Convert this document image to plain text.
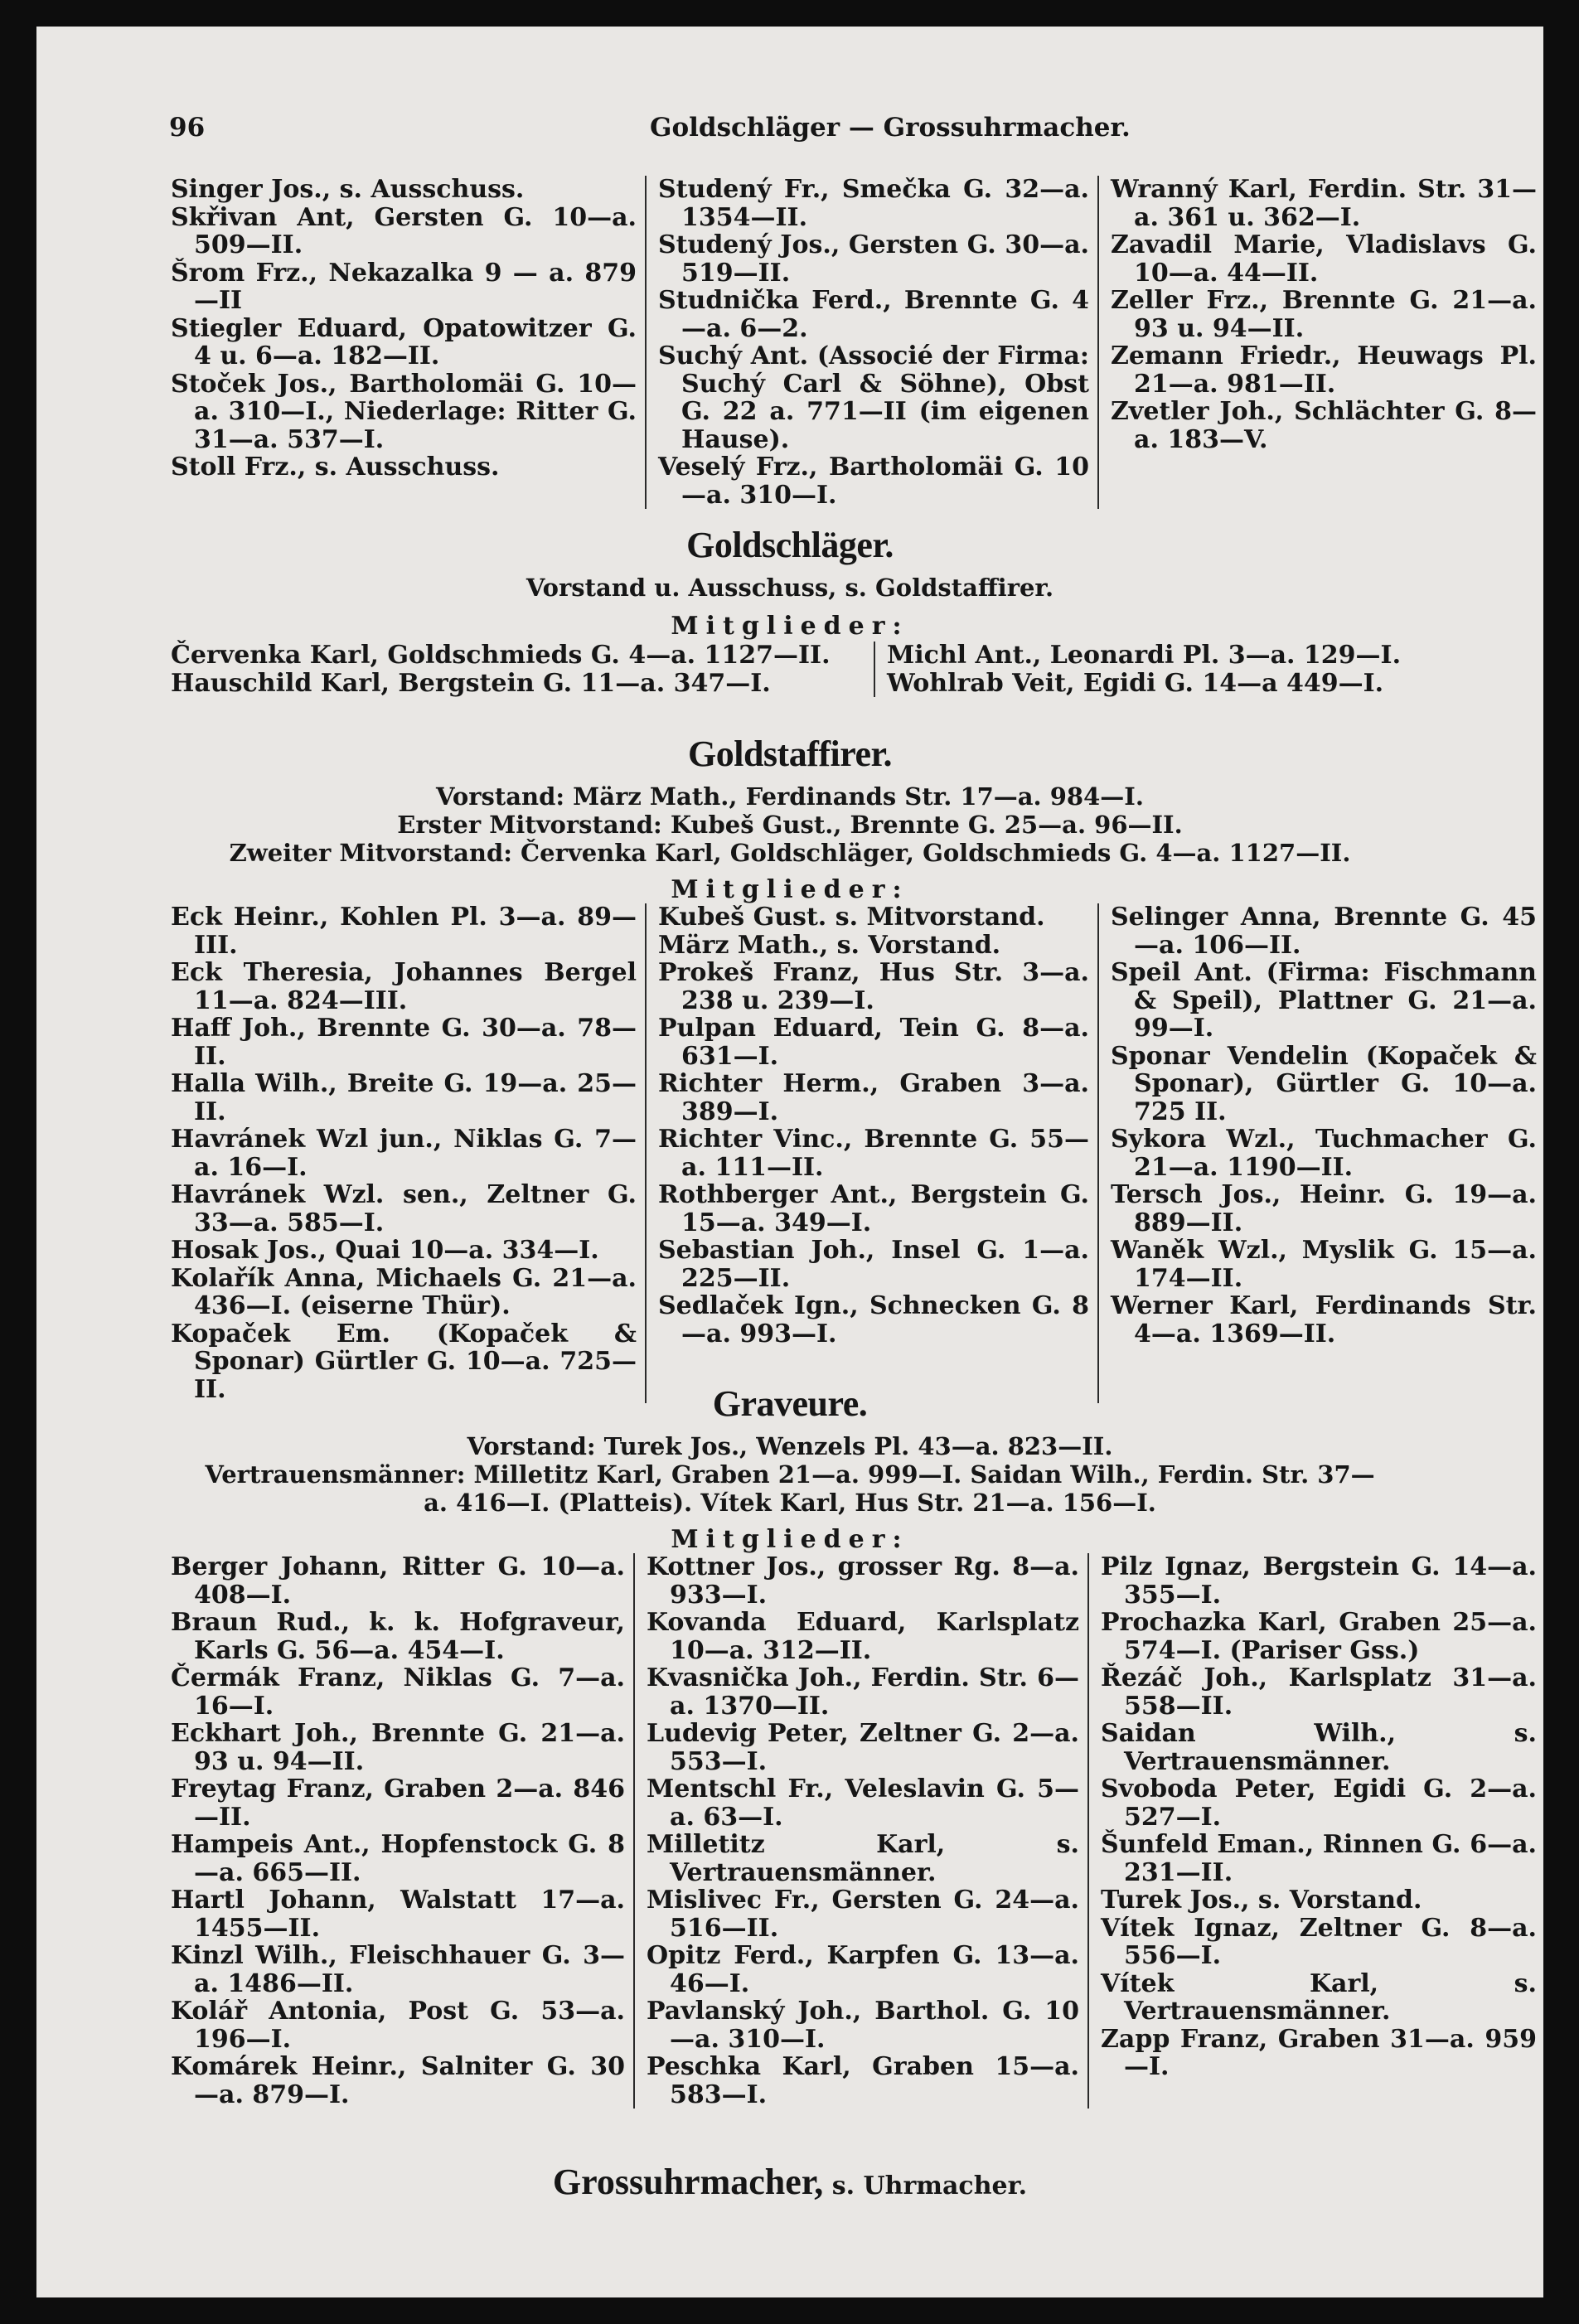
96	Goldschläger — Grossuhrmacher.
Singer Jos., s. Ausschuss.
Skřivan Ant, Gersten G. 10—a. 509—II.
Šrom Frz., Nekazalka 9 — a. 879—II
Stiegler Eduard, Opatowitzer G. 4 u. 6—a. 182—II.
Stoček Jos., Bartholomäi G. 10—a. 310—I., Niederlage: Ritter G. 31—a. 537—I.
Stoll Frz., s. Ausschuss.
Studený Fr., Smečka G. 32—a. 1354—II.
Studený Jos., Gersten G. 30—a. 519—II.
Studnička Ferd., Brennte G. 4—a. 6—2.
Suchý Ant. (Associé der Firma: Suchý Carl & Söhne), Obst G. 22 a. 771—II (im eigenen Hause).
Veselý Frz., Bartholomäi G. 10—a. 310—I.
Wranný Karl, Ferdin. Str. 31—a. 361 u. 362—I.
Zavadil Marie, Vladislavs G. 10—a. 44—II.
Zeller Frz., Brennte G. 21—a. 93 u. 94—II.
Zemann Friedr., Heuwags Pl. 21—a. 981—II.
Zvetler Joh., Schlächter G. 8—a. 183—V.
Goldschläger.
Vorstand u. Ausschuss, s. Goldstaffirer.
Mitglieder:
Červenka Karl, Goldschmieds G. 4—a. 1127—II.
Hauschild Karl, Bergstein G. 11—a. 347—I.
Michl Ant., Leonardi Pl. 3—a. 129—I.
Wohlrab Veit, Egidi G. 14—a 449—I.
Goldstaffirer.
Vorstand: März Math., Ferdinands Str. 17—a. 984—I.
Erster Mitvorstand: Kubeš Gust., Brennte G. 25—a. 96—II.
Zweiter Mitvorstand: Červenka Karl, Goldschläger, Goldschmieds G. 4—a. 1127—II.
Mitglieder:
Eck Heinr., Kohlen Pl. 3—a. 89—III.
Eck Theresia, Johannes Bergel 11—a. 824—III.
Haff Joh., Brennte G. 30—a. 78—II.
Halla Wilh., Breite G. 19—a. 25—II.
Havránek Wzl jun., Niklas G. 7—a. 16—I.
Havránek Wzl. sen., Zeltner G. 33—a. 585—I.
Hosak Jos., Quai 10—a. 334—I.
Kolařík Anna, Michaels G. 21—a. 436—I. (eiserne Thür).
Kopaček Em. (Kopaček & Sponar) Gürtler G. 10—a. 725—II.
Kubeš Gust. s. Mitvorstand.
März Math., s. Vorstand.
Prokeš Franz, Hus Str. 3—a. 238 u. 239—I.
Pulpan Eduard, Tein G. 8—a. 631—I.
Richter Herm., Graben 3—a. 389—I.
Richter Vinc., Brennte G. 55—a. 111—II.
Rothberger Ant., Bergstein G. 15—a. 349—I.
Sebastian Joh., Insel G. 1—a. 225—II.
Sedlaček Ign., Schnecken G. 8—a. 993—I.
Selinger Anna, Brennte G. 45—a. 106—II.
Speil Ant. (Firma: Fischmann & Speil), Plattner G. 21—a. 99—I.
Sponar Vendelin (Kopaček & Sponar), Gürtler G. 10—a. 725 II.
Sykora Wzl., Tuchmacher G. 21—a. 1190—II.
Tersch Jos., Heinr. G. 19—a. 889—II.
Waněk Wzl., Myslik G. 15—a. 174—II.
Werner Karl, Ferdinands Str. 4—a. 1369—II.
Graveure.
Vorstand: Turek Jos., Wenzels Pl. 43—a. 823—II.
Vertrauensmänner: Milletitz Karl, Graben 21—a. 999—I. Saidan Wilh., Ferdin. Str. 37—
a. 416—I. (Platteis). Vítek Karl, Hus Str. 21—a. 156—I.
Mitglieder:
Berger Johann, Ritter G. 10—a. 408—I.
Braun Rud., k. k. Hofgraveur, Karls G. 56—a. 454—I.
Čermák Franz, Niklas G. 7—a. 16—I.
Eckhart Joh., Brennte G. 21—a. 93 u. 94—II.
Freytag Franz, Graben 2—a. 846—II.
Hampeis Ant., Hopfenstock G. 8—a. 665—II.
Hartl Johann, Walstatt 17—a. 1455—II.
Kinzl Wilh., Fleischhauer G. 3—a. 1486—II.
Kolář Antonia, Post G. 53—a. 196—I.
Komárek Heinr., Salniter G. 30—a. 879—I.
Kottner Jos., grosser Rg. 8—a. 933—I.
Kovanda Eduard, Karlsplatz 10—a. 312—II.
Kvasnička Joh., Ferdin. Str. 6—a. 1370—II.
Ludevig Peter, Zeltner G. 2—a. 553—I.
Mentschl Fr., Veleslavin G. 5—a. 63—I.
Milletitz Karl, s. Vertrauensmänner.
Mislivec Fr., Gersten G. 24—a. 516—II.
Opitz Ferd., Karpfen G. 13—a. 46—I.
Pavlanský Joh., Barthol. G. 10—a. 310—I.
Peschka Karl, Graben 15—a. 583—I.
Pilz Ignaz, Bergstein G. 14—a. 355—I.
Prochazka Karl, Graben 25—a. 574—I. (Pariser Gss.)
Řezáč Joh., Karlsplatz 31—a. 558—II.
Saidan Wilh., s. Vertrauensmänner.
Svoboda Peter, Egidi G. 2—a. 527—I.
Šunfeld Eman., Rinnen G. 6—a. 231—II.
Turek Jos., s. Vorstand.
Vítek Ignaz, Zeltner G. 8—a. 556—I.
Vítek Karl, s. Vertrauensmänner.
Zapp Franz, Graben 31—a. 959—I.
Grossuhrmacher, s. Uhrmacher.
